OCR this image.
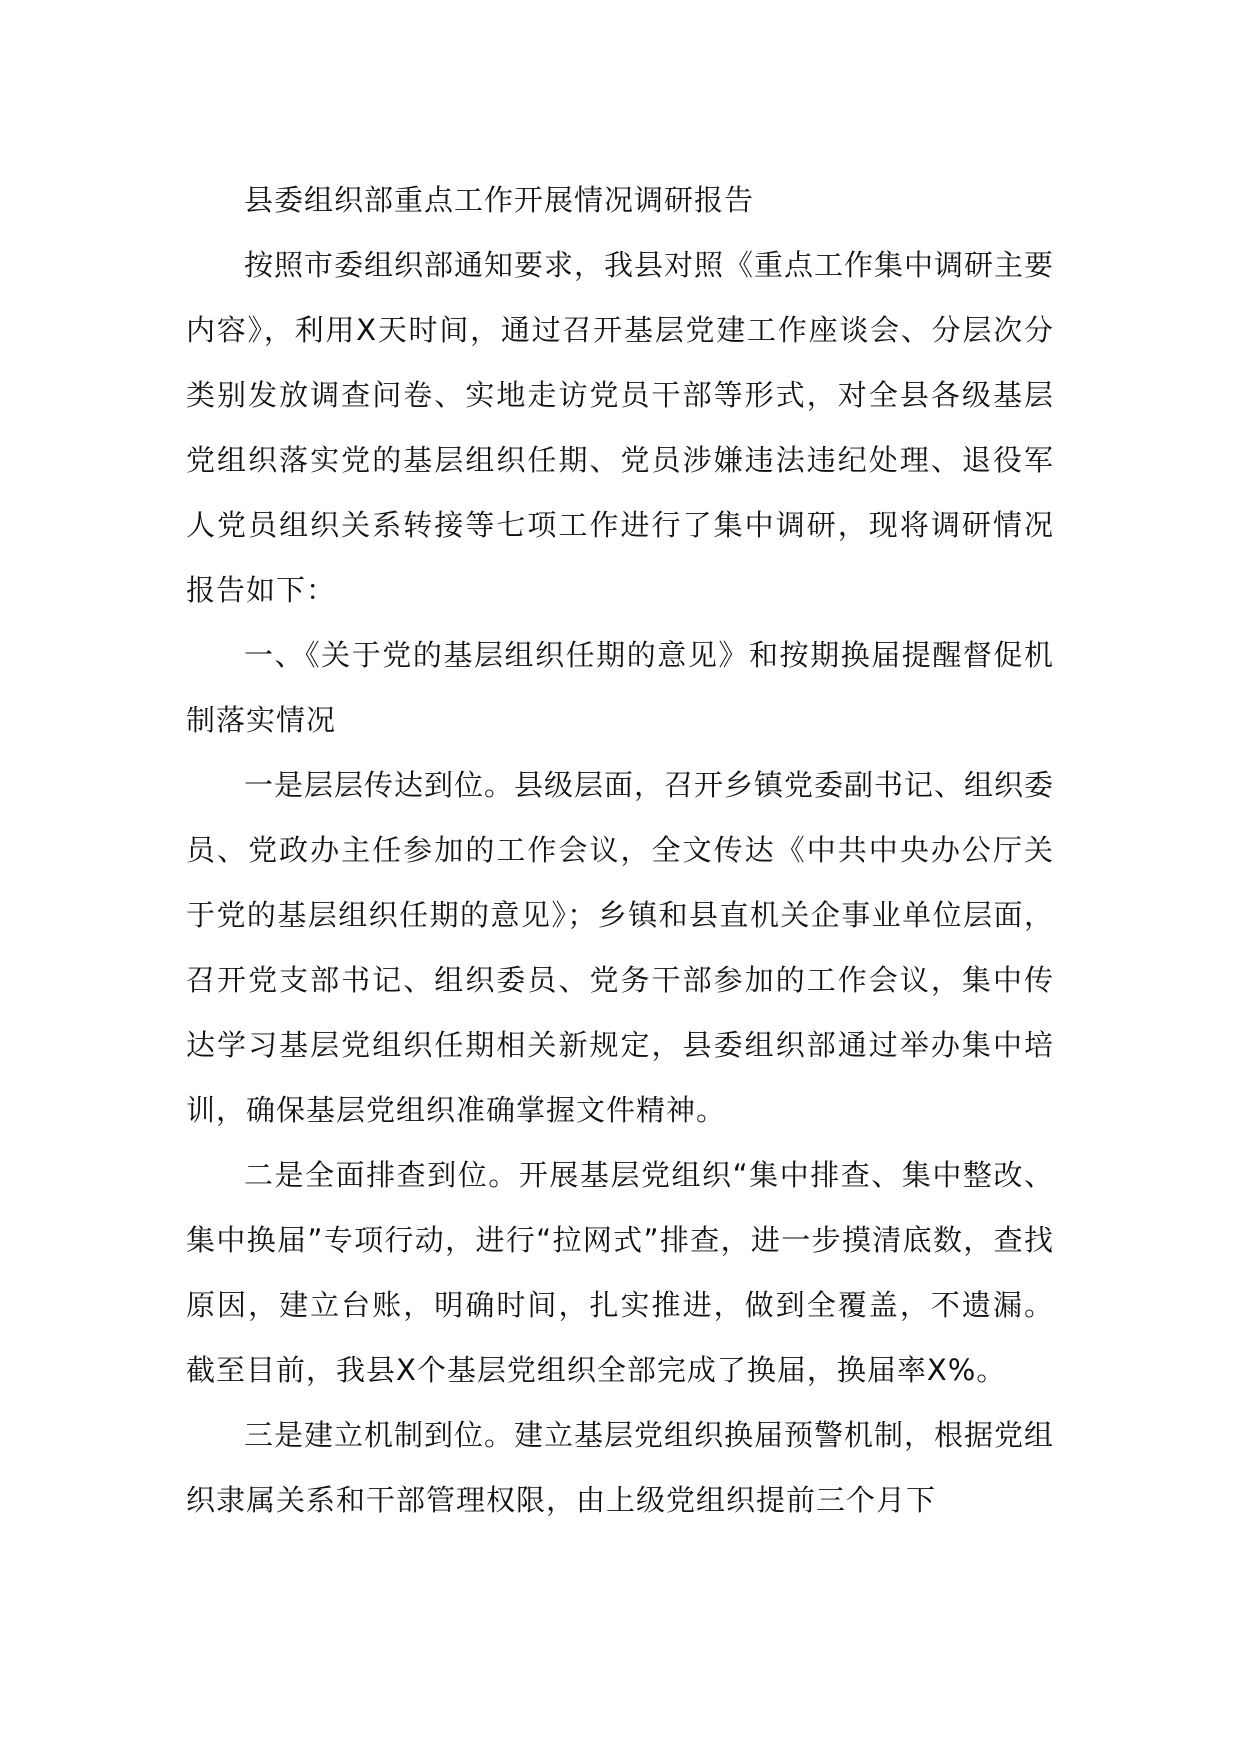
县委组织部重点工作开展情况调研报告

按照市委组织部通知要求，我县对照《重点工作集中调研主要内容》，利用X天时间，通过召开基层党建工作座谈会、分层次分类别发放调查问卷、实地走访党员干部等形式，对全县各级基层党组织落实党的基层组织任期、党员涉嫌违法违纪处理、退役军人党员组织关系转接等七项工作进行了集中调研，现将调研情况报告如下：

一、《关于党的基层组织任期的意见》和按期换届提醒督促机制落实情况

一是层层传达到位。县级层面，召开乡镇党委副书记、组织委员、党政办主任参加的工作会议，全文传达《中共中央办公厅关于党的基层组织任期的意见》；乡镇和县直机关企事业单位层面，召开党支部书记、组织委员、党务干部参加的工作会议，集中传达学习基层党组织任期相关新规定，县委组织部通过举办集中培训，确保基层党组织准确掌握文件精神。

二是全面排查到位。开展基层党组织“集中排查、集中整改、集中换届”专项行动，进行“拉网式”排查，进一步摸清底数，查找原因，建立台账，明确时间，扎实推进，做到全覆盖，不遗漏。截至目前，我县X个基层党组织全部完成了换届，换届率X%。

三是建立机制到位。建立基层党组织换届预警机制，根据党组织隶属关系和干部管理权限，由上级党组织提前三个月下
